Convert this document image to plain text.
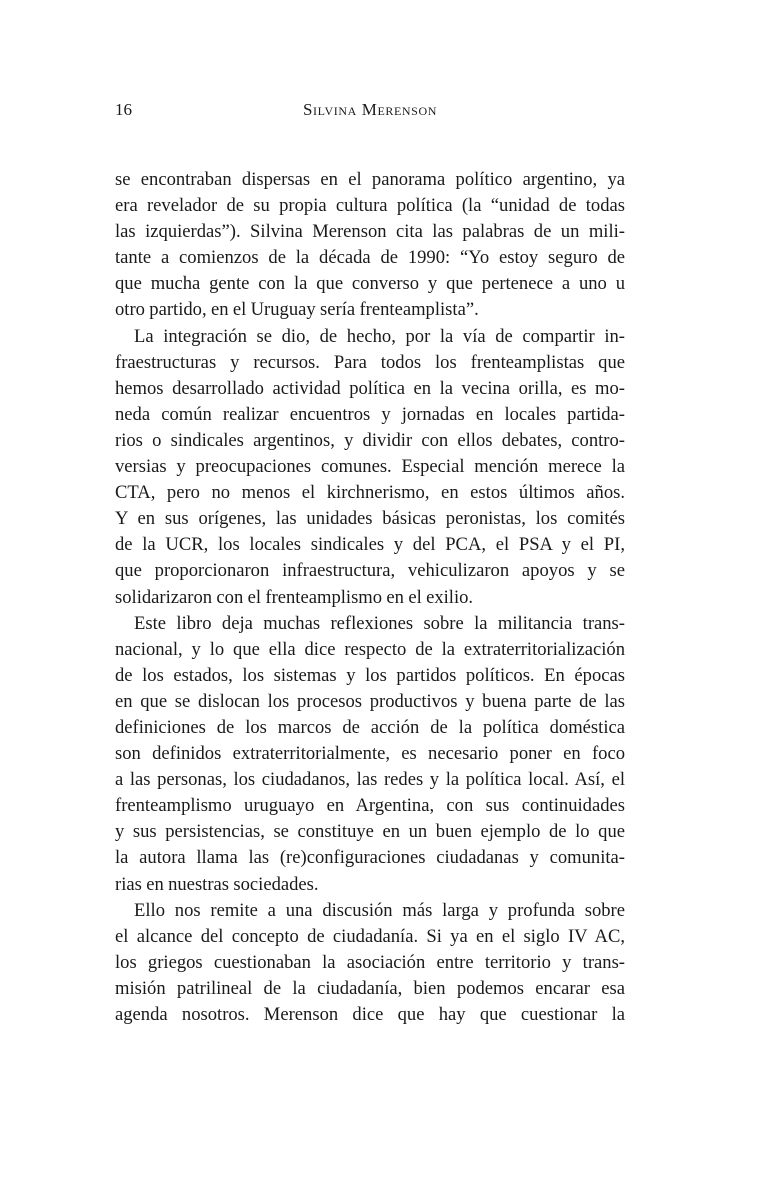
16	Silvina Merenson

se encontraban dispersas en el panorama político argentino, ya
era revelador de su propia cultura política (la “unidad de todas
las izquierdas”). Silvina Merenson cita las palabras de un mili-
tante a comienzos de la década de 1990: “Yo estoy seguro de
que mucha gente con la que converso y que pertenece a uno u
otro partido, en el Uruguay sería frenteamplista”.

La integración se dio, de hecho, por la vía de compartir in-
fraestructuras y recursos. Para todos los frenteamplistas que
hemos desarrollado actividad política en la vecina orilla, es mo-
neda común realizar encuentros y jornadas en locales partida-
rios o sindicales argentinos, y dividir con ellos debates, contro-
versias y preocupaciones comunes. Especial mención merece la
CTA, pero no menos el kirchnerismo, en estos últimos años.
Y en sus orígenes, las unidades básicas peronistas, los comités
de la UCR, los locales sindicales y del PCA, el PSA y el PI,
que proporcionaron infraestructura, vehiculizaron apoyos y se
solidarizaron con el frenteamplismo en el exilio.

Este libro deja muchas reflexiones sobre la militancia trans-
nacional, y lo que ella dice respecto de la extraterritorialización
de los estados, los sistemas y los partidos políticos. En épocas
en que se dislocan los procesos productivos y buena parte de las
definiciones de los marcos de acción de la política doméstica
son definidos extraterritorialmente, es necesario poner en foco
a las personas, los ciudadanos, las redes y la política local. Así, el
frenteamplismo uruguayo en Argentina, con sus continuidades
y sus persistencias, se constituye en un buen ejemplo de lo que
la autora llama las (re)configuraciones ciudadanas y comunita-
rias en nuestras sociedades.

Ello nos remite a una discusión más larga y profunda sobre
el alcance del concepto de ciudadanía. Si ya en el siglo IV AC,
los griegos cuestionaban la asociación entre territorio y trans-
misión patrilineal de la ciudadanía, bien podemos encarar esa
agenda nosotros. Merenson dice que hay que cuestionar la
